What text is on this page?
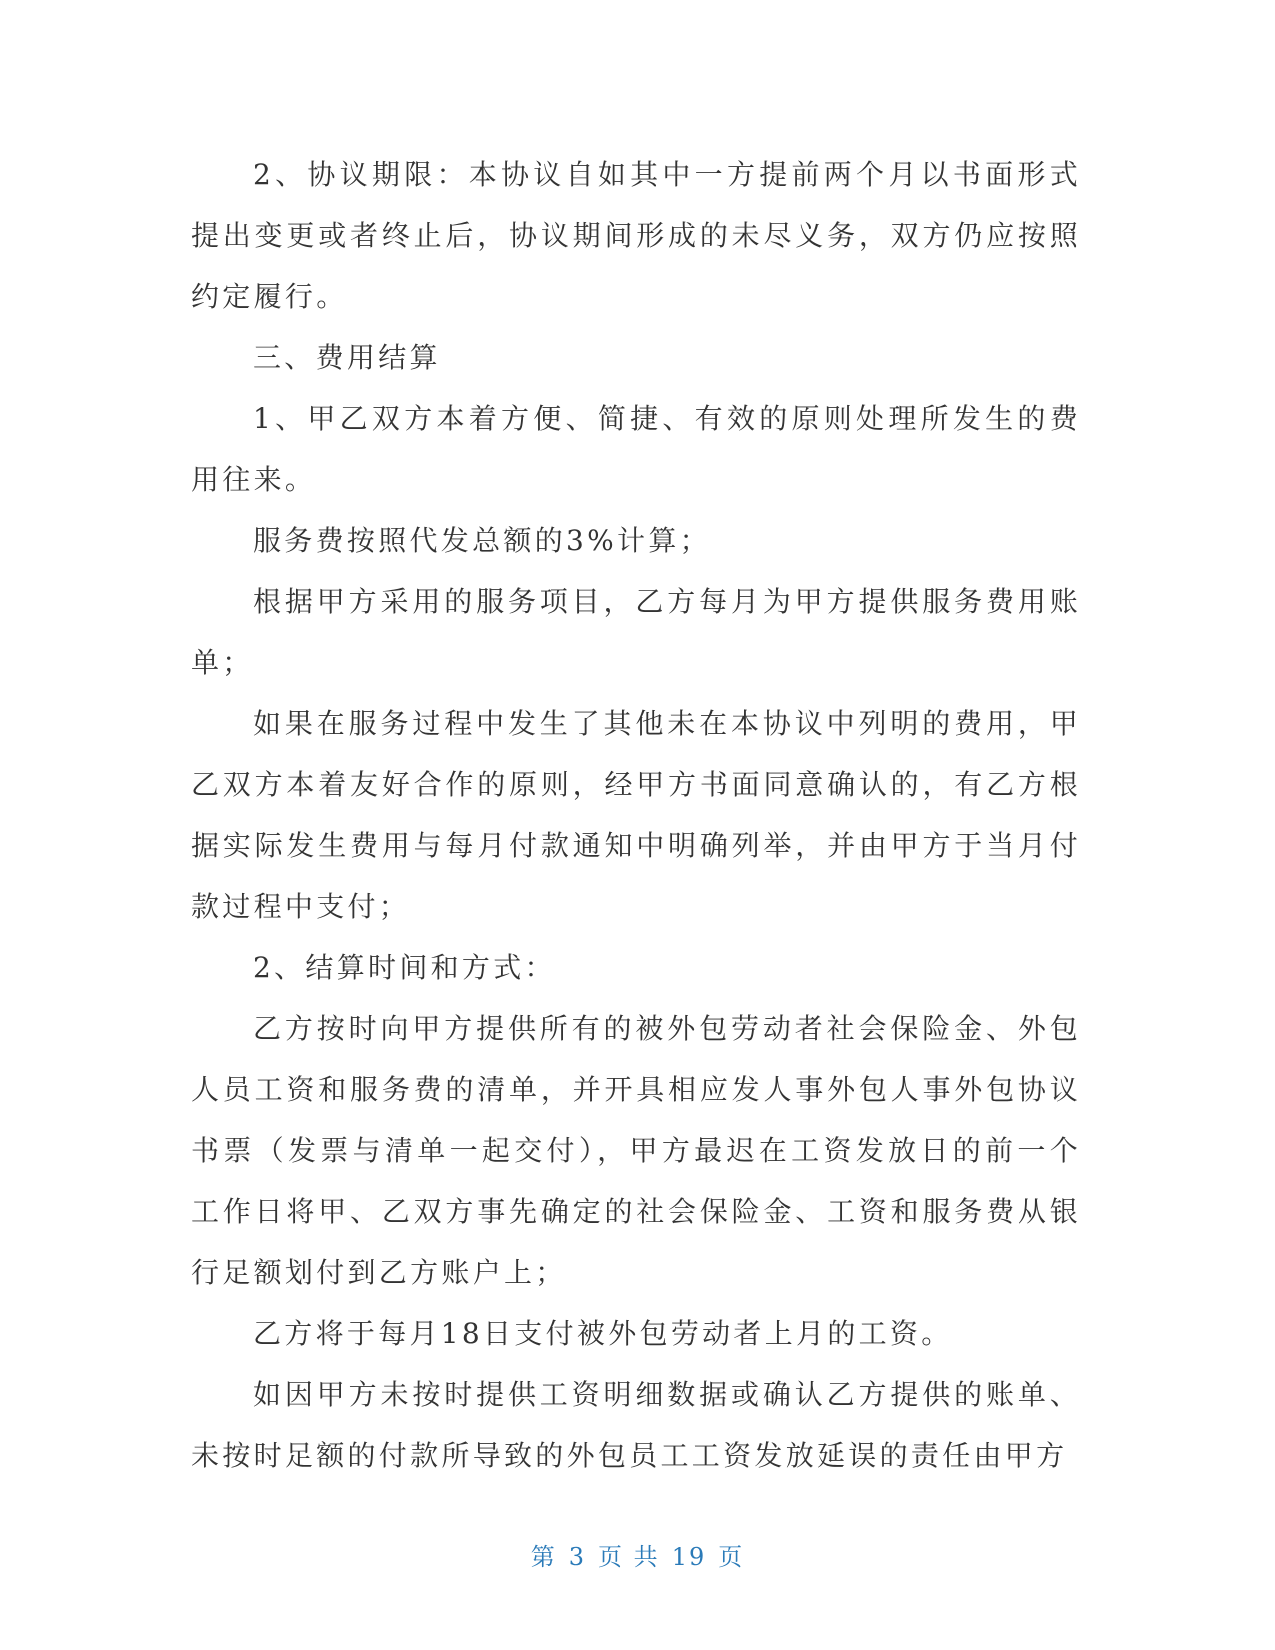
2、协议期限：本协议自如其中一方提前两个月以书面形式提出变更或者终止后，协议期间形成的未尽义务，双方仍应按照约定履行。

三、费用结算

1、甲乙双方本着方便、简捷、有效的原则处理所发生的费用往来。

服务费按照代发总额的3%计算；

根据甲方采用的服务项目，乙方每月为甲方提供服务费用账单；

如果在服务过程中发生了其他未在本协议中列明的费用，甲乙双方本着友好合作的原则，经甲方书面同意确认的，有乙方根据实际发生费用与每月付款通知中明确列举，并由甲方于当月付款过程中支付；

2、结算时间和方式：

乙方按时向甲方提供所有的被外包劳动者社会保险金、外包人员工资和服务费的清单，并开具相应发人事外包人事外包协议书票（发票与清单一起交付），甲方最迟在工资发放日的前一个工作日将甲、乙双方事先确定的社会保险金、工资和服务费从银行足额划付到乙方账户上；

乙方将于每月18日支付被外包劳动者上月的工资。

如因甲方未按时提供工资明细数据或确认乙方提供的账单、未按时足额的付款所导致的外包员工工资发放延误的责任由甲方

第 3 页 共 19 页
